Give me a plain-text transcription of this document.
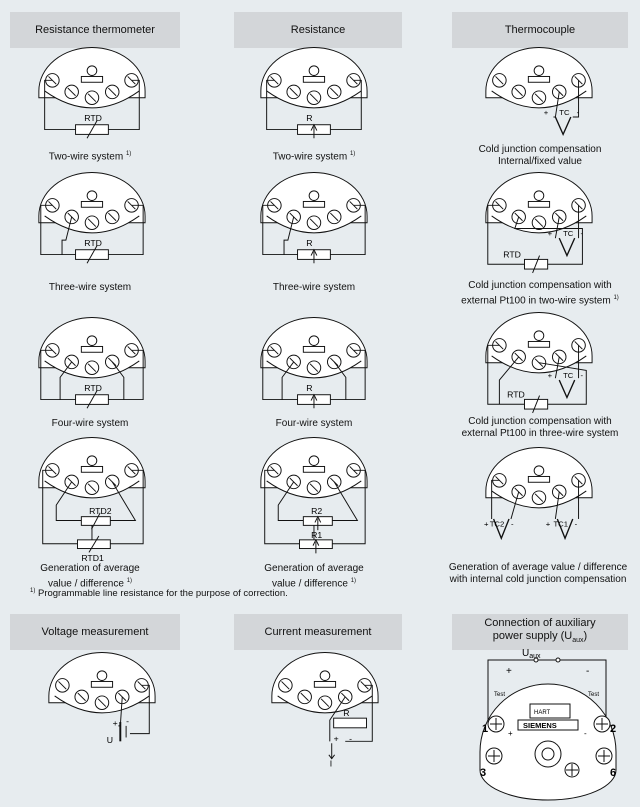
Resistance thermometer	Resistance	Thermocouple
Voltage measurement	Current measurement
Connection of auxiliary
power supply $(U_{aux})$
RTD
RTD
RTD
RTD2
RTD1
R
R
R
R2
R1
+ TC -
+ TC -
RTD
+ TC -
RTD
+ TC2 -	+ TC1 -
+ -
U
R
+ -
I
$U_{aux}$
+	-
HART
Test	Test
SIEMENS
1	2
3	6
+	-
Two-wire system $^{1)}$
Three-wire system
Four-wire system
Generation of average
value / difference $^{1)}$
Two-wire system $^{1)}$
Three-wire system
Four-wire system
Generation of average
value / difference $^{1)}$
Cold junction compensation
Internal/fixed value
Cold junction compensation with
external Pt100 in two-wire system $^{1)}$
Cold junction compensation with
external Pt100 in three-wire system
Generation of average value / difference
with internal cold junction compensation
$^{1)}$ Programmable line resistance for the purpose of correction.
